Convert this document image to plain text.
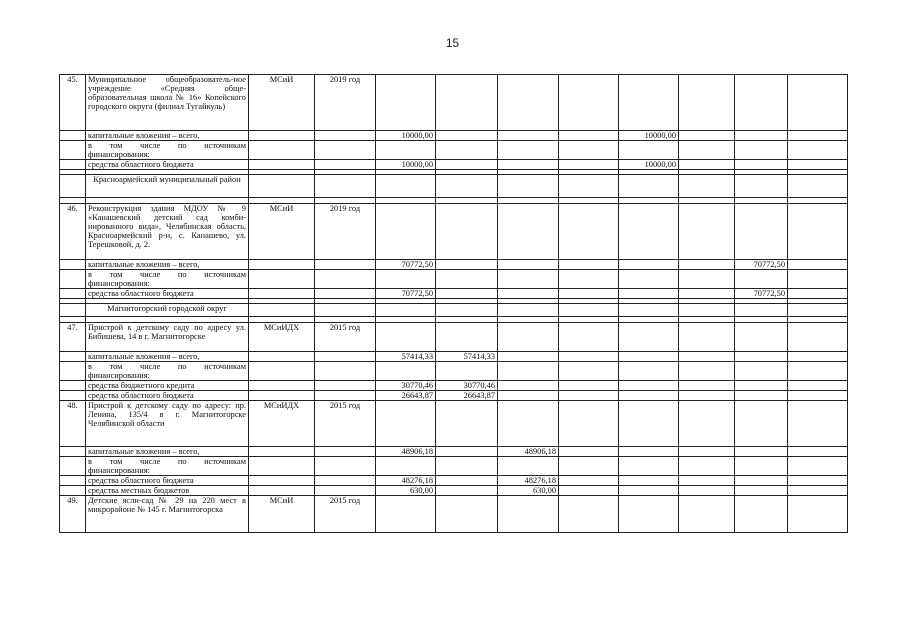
15
45.	Муниципальное общеобразователь-ное учреждение «Средняя обще-образовательная школа № 16» Копейского городского округа (филиал Тугайкуль)	МСиИ	2019 год								
	капитальные вложения – всего,			10000,00				10000,00			
	в том числе по источникам финансирования:										
	средства областного бюджета			10000,00				10000,00			

	Красноармейский муниципальный район										

46.	Реконструкция здания МДОУ № 9 «Канашевский детский сад комби-нированного вида», Челябинская область, Красноармейский р-н, с. Канашево, ул. Терешковой, д. 2.	МСиИ	2019 год								
	капитальные вложения – всего,			70772,50						70772,50	
	в том числе по источникам финансирования:										
	средства областного бюджета			70772,50						70772,50	

	Магнитогорский городской округ										

47.	Пристрой к детскому саду по адресу ул. Бибишева, 14 в г. Магнитогорске	МСиИДХ	2015 год								
	капитальные вложения – всего,			57414,33	57414,33						
	в том числе по источникам финансирования:										
	средства бюджетного кредита			30770,46	30770,46						
	средства областного бюджета			26643,87	26643,87						
48.	Пристрой к детскому саду по адресу: пр. Ленина, 135/4 в г. Магнитогорске Челябинской области	МСиИДХ	2015 год								
	капитальные вложения – всего,			48906,18		48906,18					
	в том числе по источникам финансирования:										
	средства областного бюджета			48276,18		48276,18					
	средства местных бюджетов			630,00		630,00					
49.	Детские ясли-сад № 29 на 220 мест в микрорайоне № 145 г. Магнитогорска	МСиИ	2015 год								
